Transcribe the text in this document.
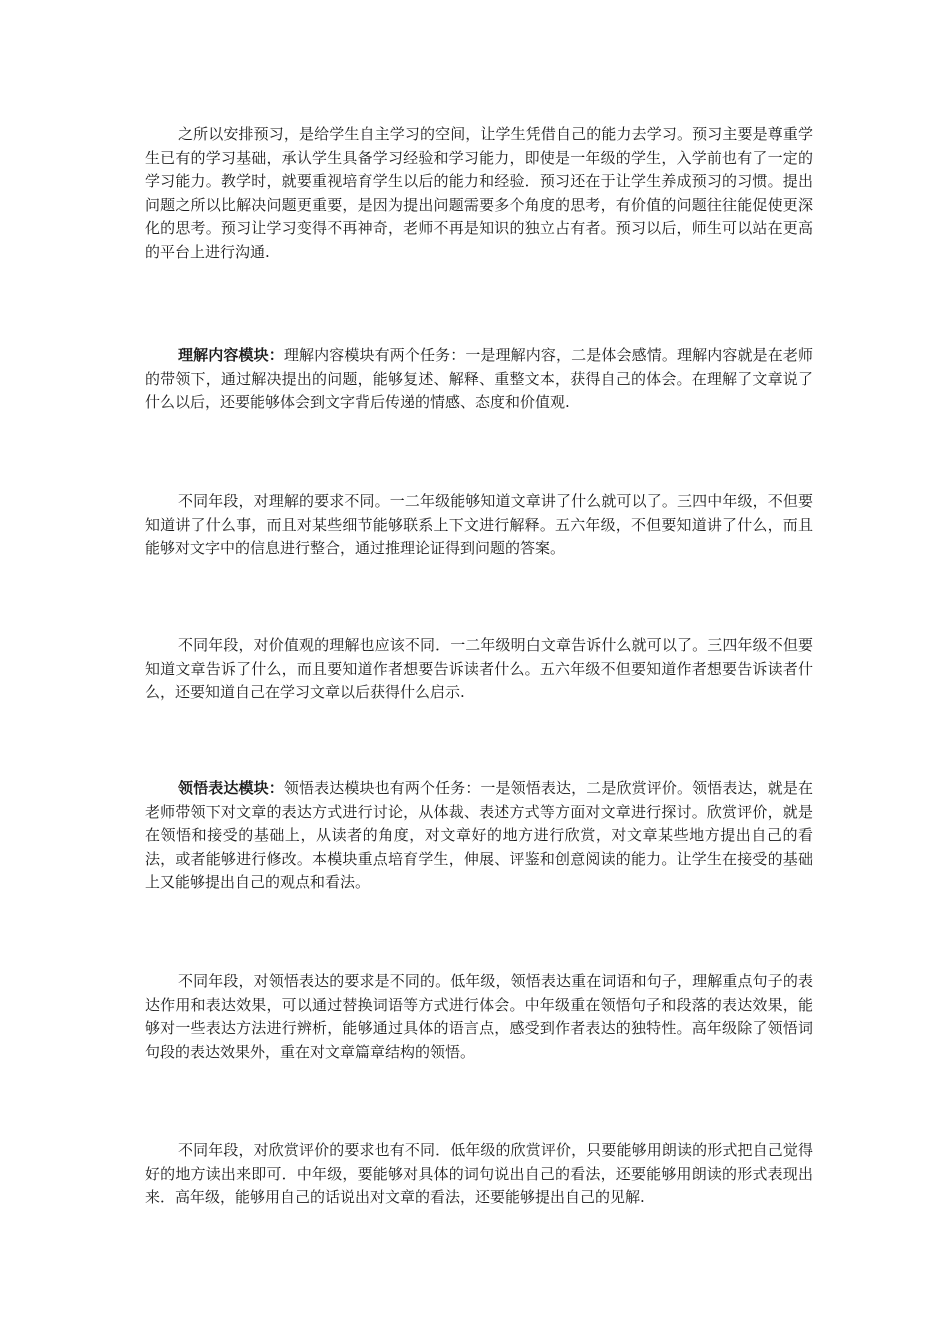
之所以安排预习，是给学生自主学习的空间，让学生凭借自己的能力去学习。预习主要是尊重学生已有的学习基础，承认学生具备学习经验和学习能力，即使是一年级的学生，入学前也有了一定的学习能力。教学时，就要重视培育学生以后的能力和经验．预习还在于让学生养成预习的习惯。提出问题之所以比解决问题更重要，是因为提出问题需要多个角度的思考，有价值的问题往往能促使更深化的思考。预习让学习变得不再神奇，老师不再是知识的独立占有者。预习以后，师生可以站在更高的平台上进行沟通.

理解内容模块：理解内容模块有两个任务：一是理解内容，二是体会感情。理解内容就是在老师的带领下，通过解决提出的问题，能够复述、解释、重整文本，获得自己的体会。在理解了文章说了什么以后，还要能够体会到文字背后传递的情感、态度和价值观.

不同年段，对理解的要求不同。一二年级能够知道文章讲了什么就可以了。三四中年级，不但要知道讲了什么事，而且对某些细节能够联系上下文进行解释。五六年级，不但要知道讲了什么，而且能够对文字中的信息进行整合，通过推理论证得到问题的答案。

不同年段，对价值观的理解也应该不同．一二年级明白文章告诉什么就可以了。三四年级不但要知道文章告诉了什么，而且要知道作者想要告诉读者什么。五六年级不但要知道作者想要告诉读者什么，还要知道自己在学习文章以后获得什么启示.

领悟表达模块：领悟表达模块也有两个任务：一是领悟表达，二是欣赏评价。领悟表达，就是在老师带领下对文章的表达方式进行讨论，从体裁、表述方式等方面对文章进行探讨。欣赏评价，就是在领悟和接受的基础上，从读者的角度，对文章好的地方进行欣赏，对文章某些地方提出自己的看法，或者能够进行修改。本模块重点培育学生，伸展、评鉴和创意阅读的能力。让学生在接受的基础上又能够提出自己的观点和看法。

不同年段，对领悟表达的要求是不同的。低年级，领悟表达重在词语和句子，理解重点句子的表达作用和表达效果，可以通过替换词语等方式进行体会。中年级重在领悟句子和段落的表达效果，能够对一些表达方法进行辨析，能够通过具体的语言点，感受到作者表达的独特性。高年级除了领悟词句段的表达效果外，重在对文章篇章结构的领悟。

不同年段，对欣赏评价的要求也有不同．低年级的欣赏评价，只要能够用朗读的形式把自己觉得好的地方读出来即可．中年级，要能够对具体的词句说出自己的看法，还要能够用朗读的形式表现出来．高年级，能够用自己的话说出对文章的看法，还要能够提出自己的见解.
